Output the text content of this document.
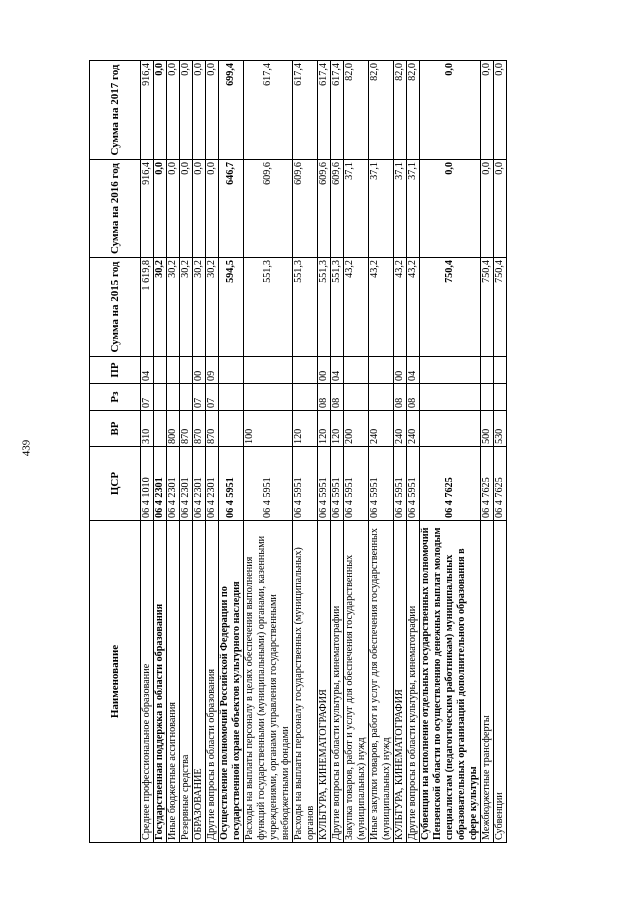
439
Наименование	ЦСР	ВР	Рз	ПР	Сумма на 2015 год	Сумма на 2016 год	Сумма на 2017 год
Среднее профессиональное образование	06 4 1010	310	07	04	1 619,8	916,4	916,4
Государственная поддержка в области образования	06 4 2301				30,2	0,0	0,0
Иные бюджетные ассигнования	06 4 2301	800			30,2	0,0	0,0
Резервные средства	06 4 2301	870			30,2	0,0	0,0
ОБРАЗОВАНИЕ	06 4 2301	870	07	00	30,2	0,0	0,0
Другие вопросы в области образования	06 4 2301	870	07	09	30,2	0,0	0,0
Осуществление полномочий Российской Федерации по государственной охране объектов культурного наследия	06 4 5951				594,5	646,7	699,4
Расходы на выплаты персоналу в целях обеспечения выполнения функций государственными (муниципальными) органами, казенными учреждениями, органами управления государственными внебюджетными фондами	06 4 5951	100			551,3	609,6	617,4
Расходы на выплаты персоналу государственных (муниципальных) органов	06 4 5951	120			551,3	609,6	617,4
КУЛЬТУРА, КИНЕМАТОГРАФИЯ	06 4 5951	120	08	00	551,3	609,6	617,4
Другие вопросы в области культуры, кинематографии	06 4 5951	120	08	04	551,3	609,6	617,4
Закупка товаров, работ и услуг для обеспечения государственных (муниципальных) нужд	06 4 5951	200			43,2	37,1	82,0
Иные закупки товаров, работ и услуг для обеспечения государственных (муниципальных) нужд	06 4 5951	240			43,2	37,1	82,0
КУЛЬТУРА, КИНЕМАТОГРАФИЯ	06 4 5951	240	08	00	43,2	37,1	82,0
Другие вопросы в области культуры, кинематографии	06 4 5951	240	08	04	43,2	37,1	82,0
Субвенции на исполнение отдельных государственных полномочий Пензенской области по осуществлению денежных выплат молодым специалистам (педагогическим работникам) муниципальных образовательных организаций дополнительного образования в сфере культуры	06 4 7625				750,4	0,0	0,0
Межбюджетные трансферты	06 4 7625	500			750,4	0,0	0,0
Субвенции	06 4 7625	530			750,4	0,0	0,0
